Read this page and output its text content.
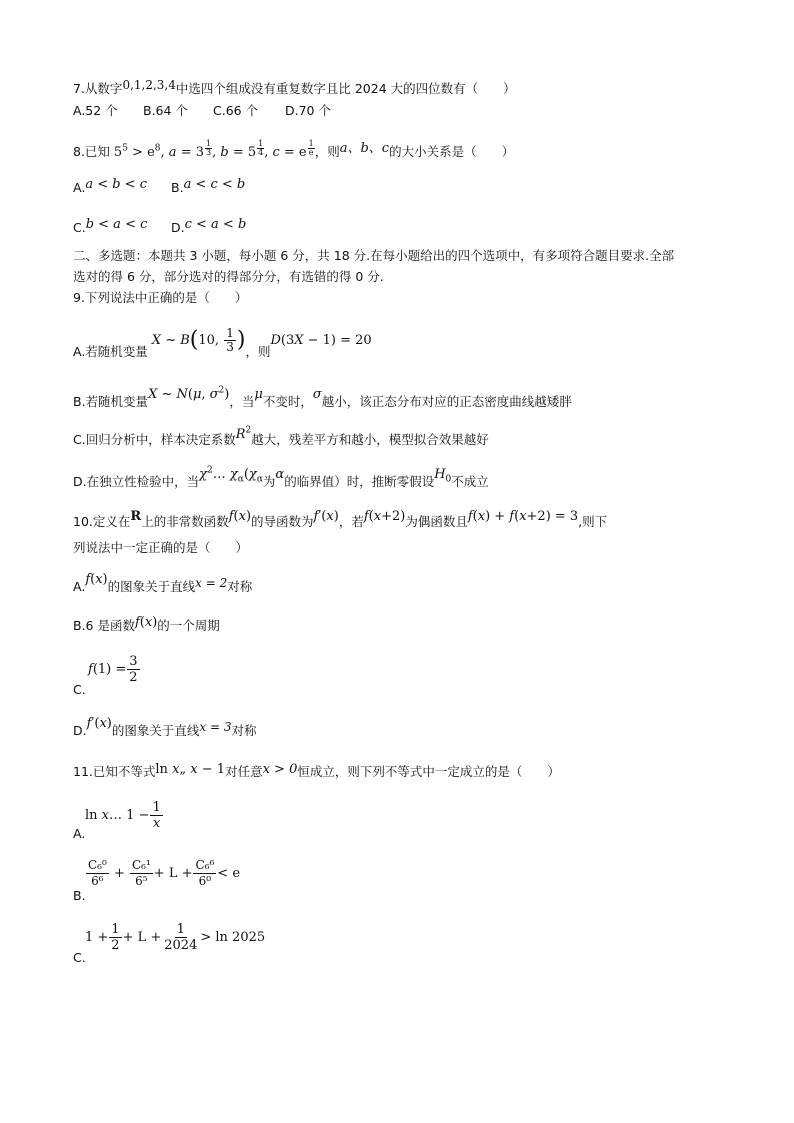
7.从数字0,1,2,3,4中选四个组成没有重复数字且比 2024 大的四位数有（　　）
A.52 个 B.64 个 C.66 个 D.70 个
8.已知 $5^5 > e^8$, $a = 3 \frac{1}{3}$ , $b = 5 \frac{1}{4}$ , c = e $\frac{1}{e}$ ，则a、b、c的大小关系是（　　）
A.a < b < c B.a < c < b
C.b < a < c D.c < a < b
二、多选题：本题共 3 小题，每小题 6 分，共 18 分.在每小题给出的四个选项中，有多项符合题目要求.全部
选对的得 6 分，部分选对的得部分分，有选错的得 0 分.
9.下列说法中正确的是（　　）
A.若随机变量 X ~ B(10, $\frac{1}{3}$ )，则D(3X − 1) = 20
B.若随机变量X ~ N(μ, $\sigma^2$)，当μ不变时，σ越小，该正态分布对应的正态密度曲线越矮胖
C.回归分析中，样本决定系数$R^2$越大，残差平方和越小，模型拟合效果越好
D.在独立性检验中，当$\chi^2\dots$ $\chi_\alpha(\chi_\alpha$为α的临界值）时，推断零假设$H_0$不成立
10.定义在R上的非常数函数f(x)的导函数为f′(x)，若f(x+2)为偶函数且f(x) + f(x+2) = 3,则下
列说法中一定正确的是（　　）
A.f(x)的图象关于直线x = 2对称
B.6 是函数f(x)的一个周期
$f(1) = \frac{3}{2}$
C.
D.f′(x)的图象关于直线x = 3对称
11.已知不等式ln x„ x − 1对任意x > 0恒成立，则下列不等式中一定成立的是（　　）
ln x… $1 - \frac{1}{x}$
A.
$\frac{\text{C₆⁰}}{\text{6⁶}} + \frac{\text{C₆¹}}{\text{6⁵}} + L + \frac{\text{C₆⁶}}{\text{6⁰}} < e$
B.
$1 + \frac{1}{2} + L + \frac{1}{2024} > \ln 2025$
C.
